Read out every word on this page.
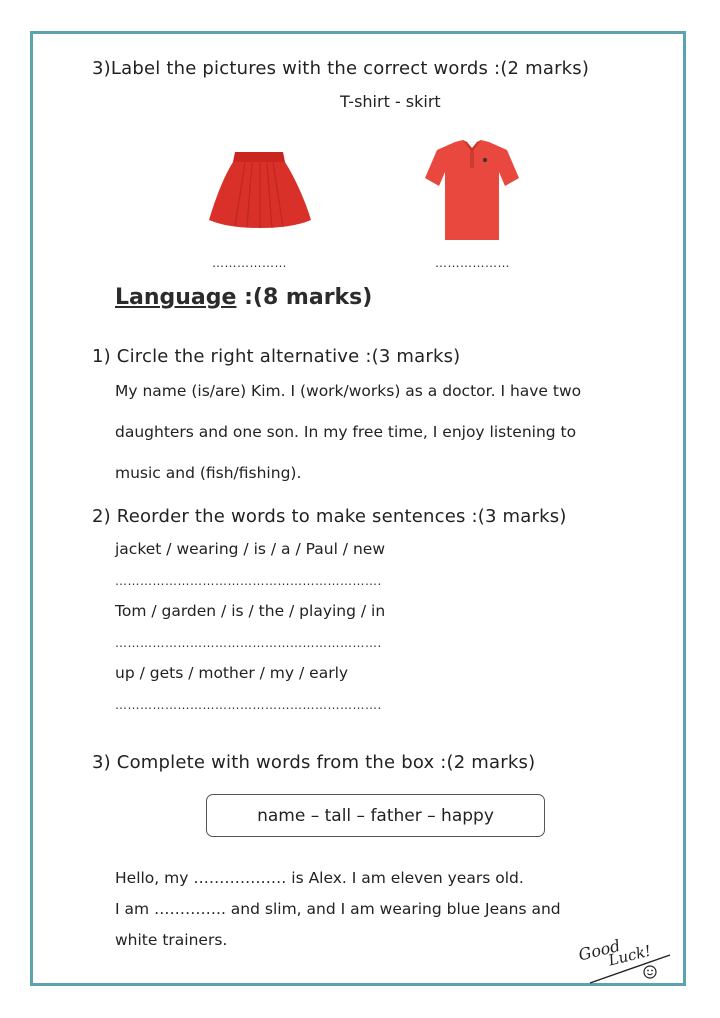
3)Label the pictures with the correct words :(2 marks)
T-shirt - skirt
………………	………………
Language :(8 marks)
1) Circle the right alternative :(3 marks)
My name (is/are) Kim. I (work/works) as a doctor. I have two
daughters and one son. In my free time, I enjoy listening to
music and (fish/fishing).
2) Reorder the words to make sentences :(3 marks)
jacket / wearing / is / a / Paul / new
……………………………………………………….
Tom / garden / is / the / playing / in
……………………………………………………….
up / gets / mother / my / early
……………………………………………………….
3) Complete with words from the box :(2 marks)
name – tall – father – happy
Hello, my ……………… is Alex. I am eleven years old.
I am ………….. and slim, and I am wearing blue Jeans and
white trainers.	Good
Luck!
